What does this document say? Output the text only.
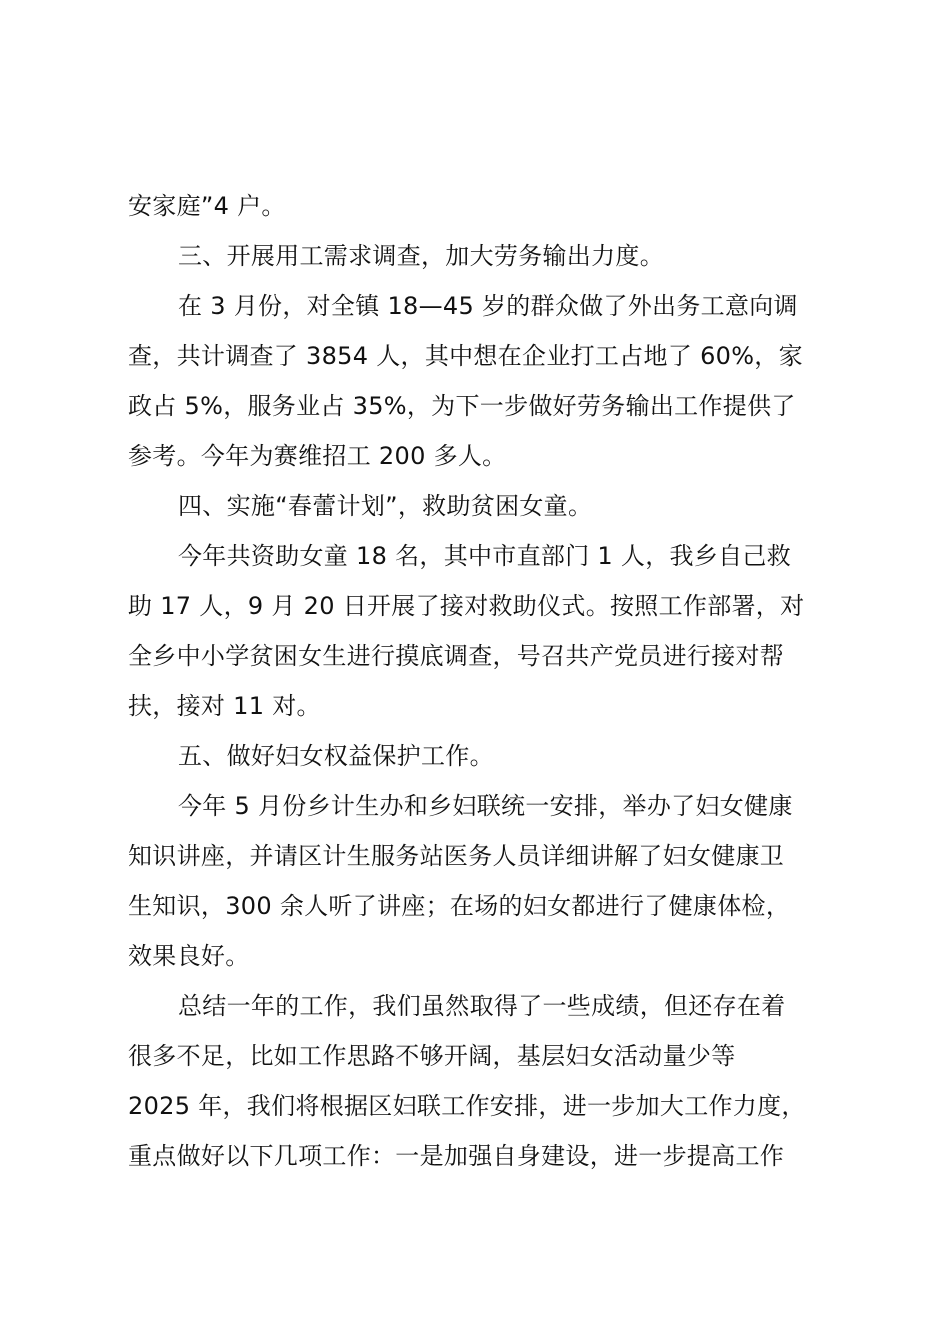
安家庭”4 户。
三、开展用工需求调查，加大劳务输出力度。
在 3 月份，对全镇 18—45 岁的群众做了外出务工意向调
查，共计调查了 3854 人，其中想在企业打工占地了 60%，家
政占 5%，服务业占 35%，为下一步做好劳务输出工作提供了
参考。今年为赛维招工 200 多人。
四、实施“春蕾计划”，救助贫困女童。
今年共资助女童 18 名，其中市直部门 1 人，我乡自己救
助 17 人，9 月 20 日开展了接对救助仪式。按照工作部署，对
全乡中小学贫困女生进行摸底调查，号召共产党员进行接对帮
扶，接对 11 对。
五、做好妇女权益保护工作。
今年 5 月份乡计生办和乡妇联统一安排，举办了妇女健康
知识讲座，并请区计生服务站医务人员详细讲解了妇女健康卫
生知识，300 余人听了讲座；在场的妇女都进行了健康体检，
效果良好。
总结一年的工作，我们虽然取得了一些成绩，但还存在着
很多不足，比如工作思路不够开阔，基层妇女活动量少等
2025 年，我们将根据区妇联工作安排，进一步加大工作力度，
重点做好以下几项工作：一是加强自身建设，进一步提高工作
